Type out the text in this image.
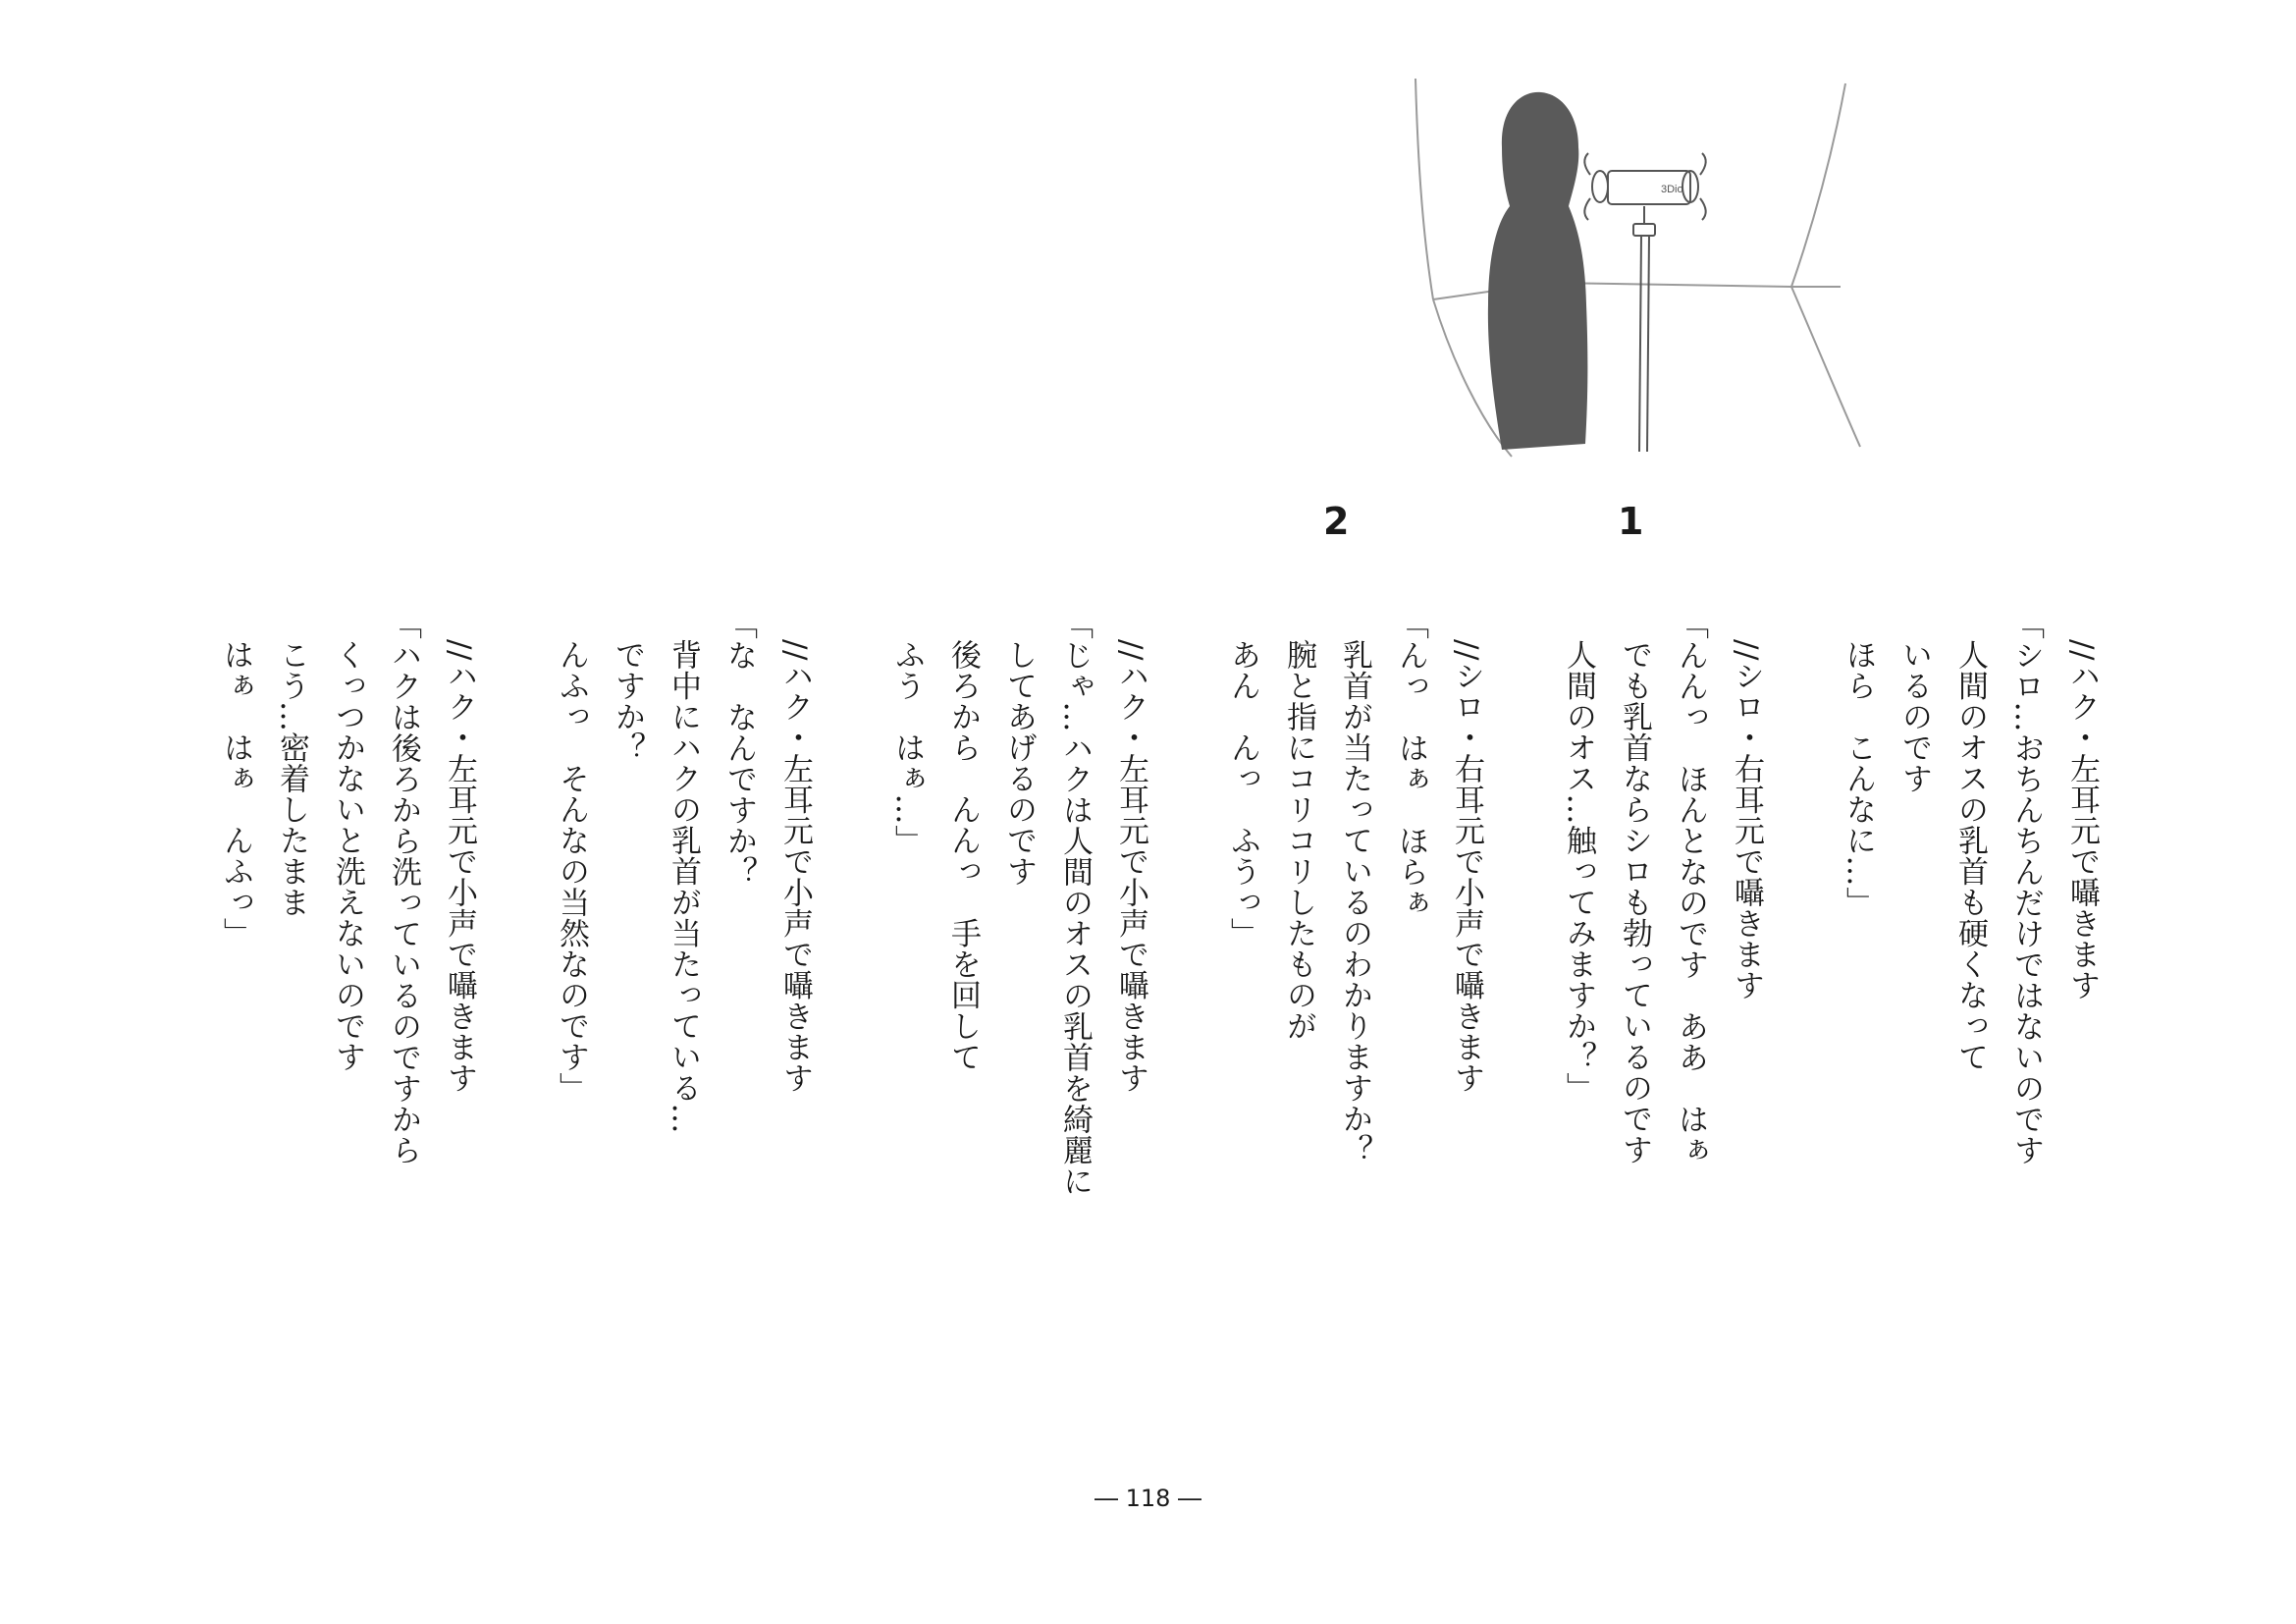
3Dio
2	1
//ハク・左耳元で囁きます
「シロ…おちんちんだけではないのです
人間のオスの乳首も硬くなって
いるのです
ほら　こんなに…」
//シロ・右耳元で囁きます
「んんっ　ほんとなのです　ああ　はぁ
でも乳首ならシロも勃っているのです
人間のオス…触ってみますか？」
//シロ・右耳元で小声で囁きます
「んっ　はぁ　ほらぁ
乳首が当たっているのわかりますか？
腕と指にコリコリしたものが
あん　んっ　ふうっ」
//ハク・左耳元で小声で囁きます
「じゃ…ハクは人間のオスの乳首を綺麗に
してあげるのです
後ろから　んんっ　手を回して
ふう　はぁ…」
//ハク・左耳元で小声で囁きます
「な　なんですか？
背中にハクの乳首が当たっている…
ですか？
んふっ　そんなの当然なのです」
//ハク・左耳元で小声で囁きます
「ハクは後ろから洗っているのですから
くっつかないと洗えないのです
こう…密着したまま
はぁ　はぁ　んふっ」
― 118 ―
